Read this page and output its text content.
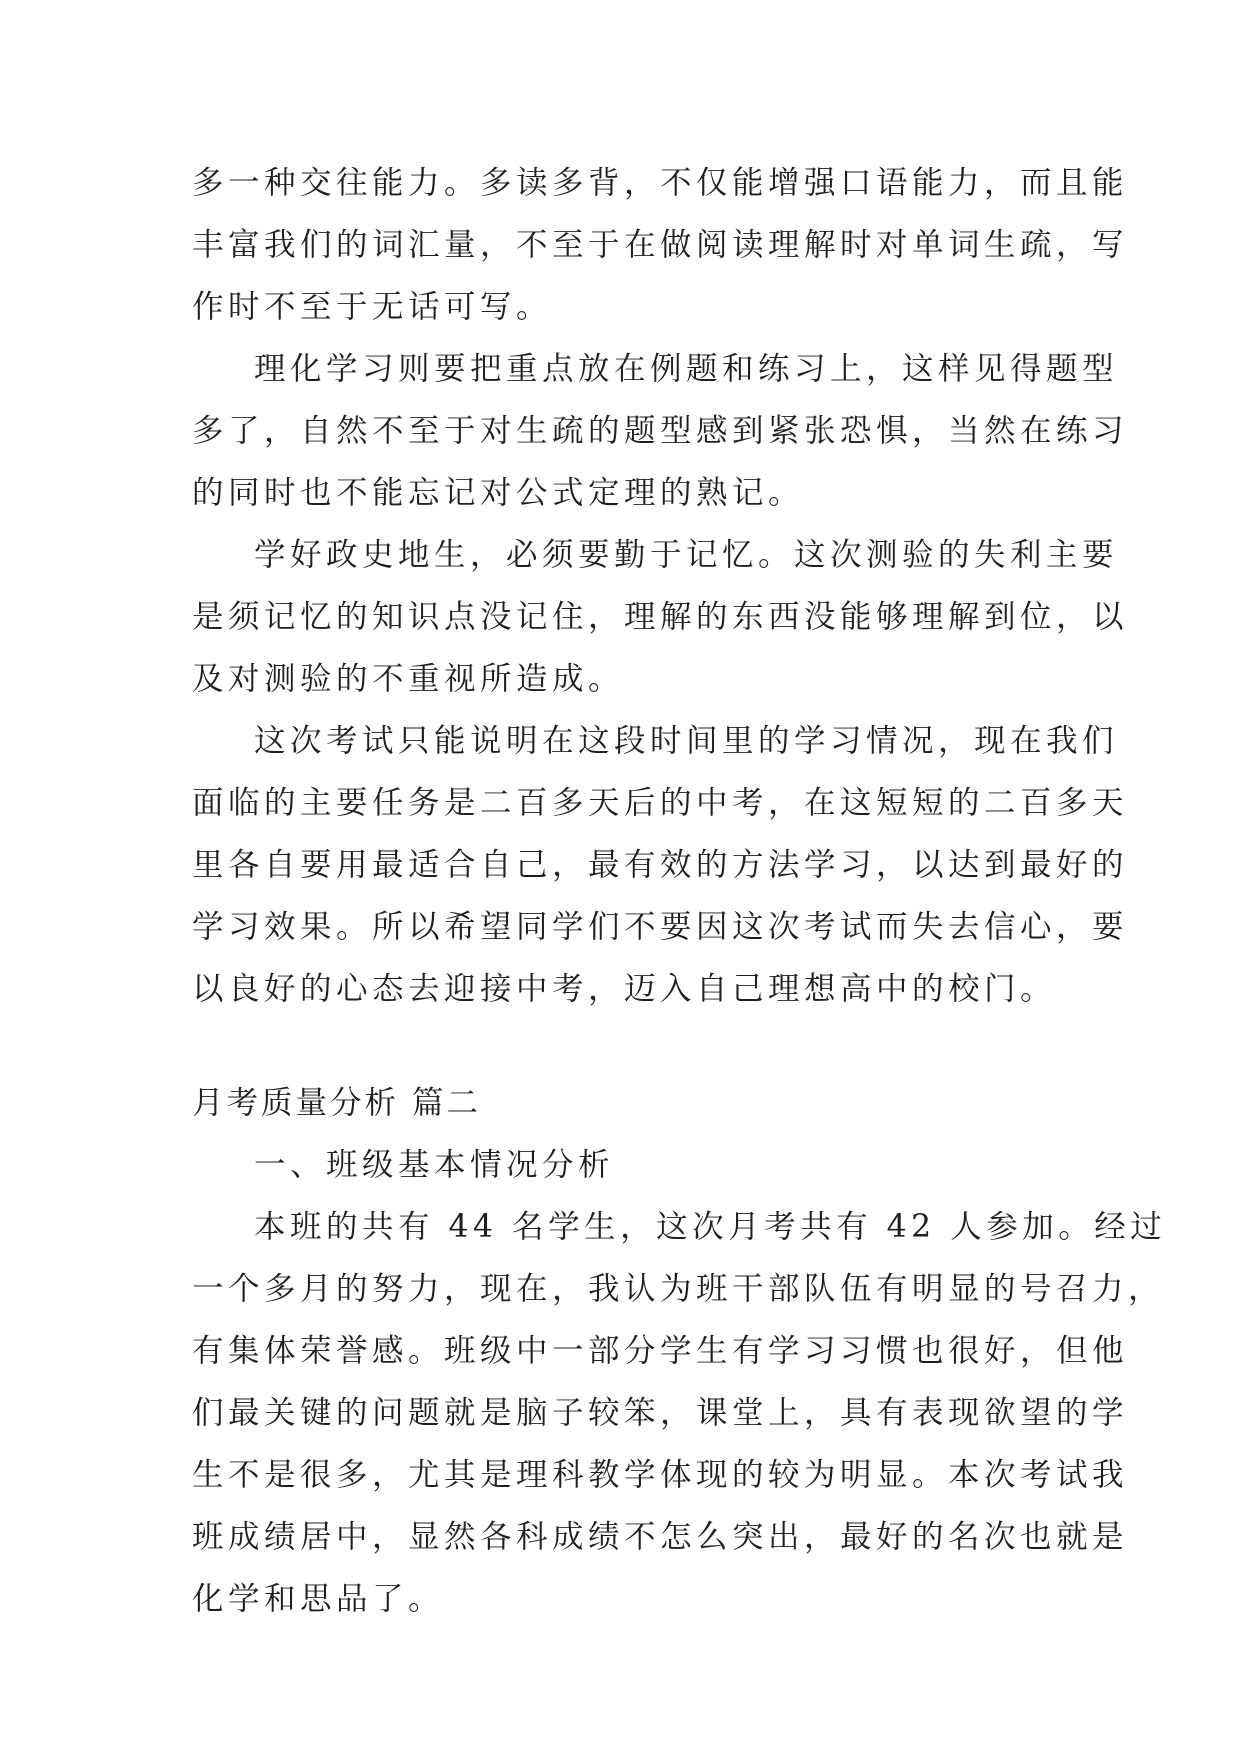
多一种交往能力。多读多背，不仅能增强口语能力，而且能

丰富我们的词汇量，不至于在做阅读理解时对单词生疏，写

作时不至于无话可写。

理化学习则要把重点放在例题和练习上，这样见得题型

多了，自然不至于对生疏的题型感到紧张恐惧，当然在练习

的同时也不能忘记对公式定理的熟记。

学好政史地生，必须要勤于记忆。这次测验的失利主要

是须记忆的知识点没记住，理解的东西没能够理解到位，以

及对测验的不重视所造成。

这次考试只能说明在这段时间里的学习情况，现在我们

面临的主要任务是二百多天后的中考，在这短短的二百多天

里各自要用最适合自己，最有效的方法学习，以达到最好的

学习效果。所以希望同学们不要因这次考试而失去信心，要

以良好的心态去迎接中考，迈入自己理想高中的校门。

月考质量分析 篇二

一、班级基本情况分析

本班的共有 44 名学生，这次月考共有 42 人参加。经过

一个多月的努力，现在，我认为班干部队伍有明显的号召力，

有集体荣誉感。班级中一部分学生有学习习惯也很好，但他

们最关键的问题就是脑子较笨，课堂上，具有表现欲望的学

生不是很多，尤其是理科教学体现的较为明显。本次考试我

班成绩居中，显然各科成绩不怎么突出，最好的名次也就是

化学和思品了。
